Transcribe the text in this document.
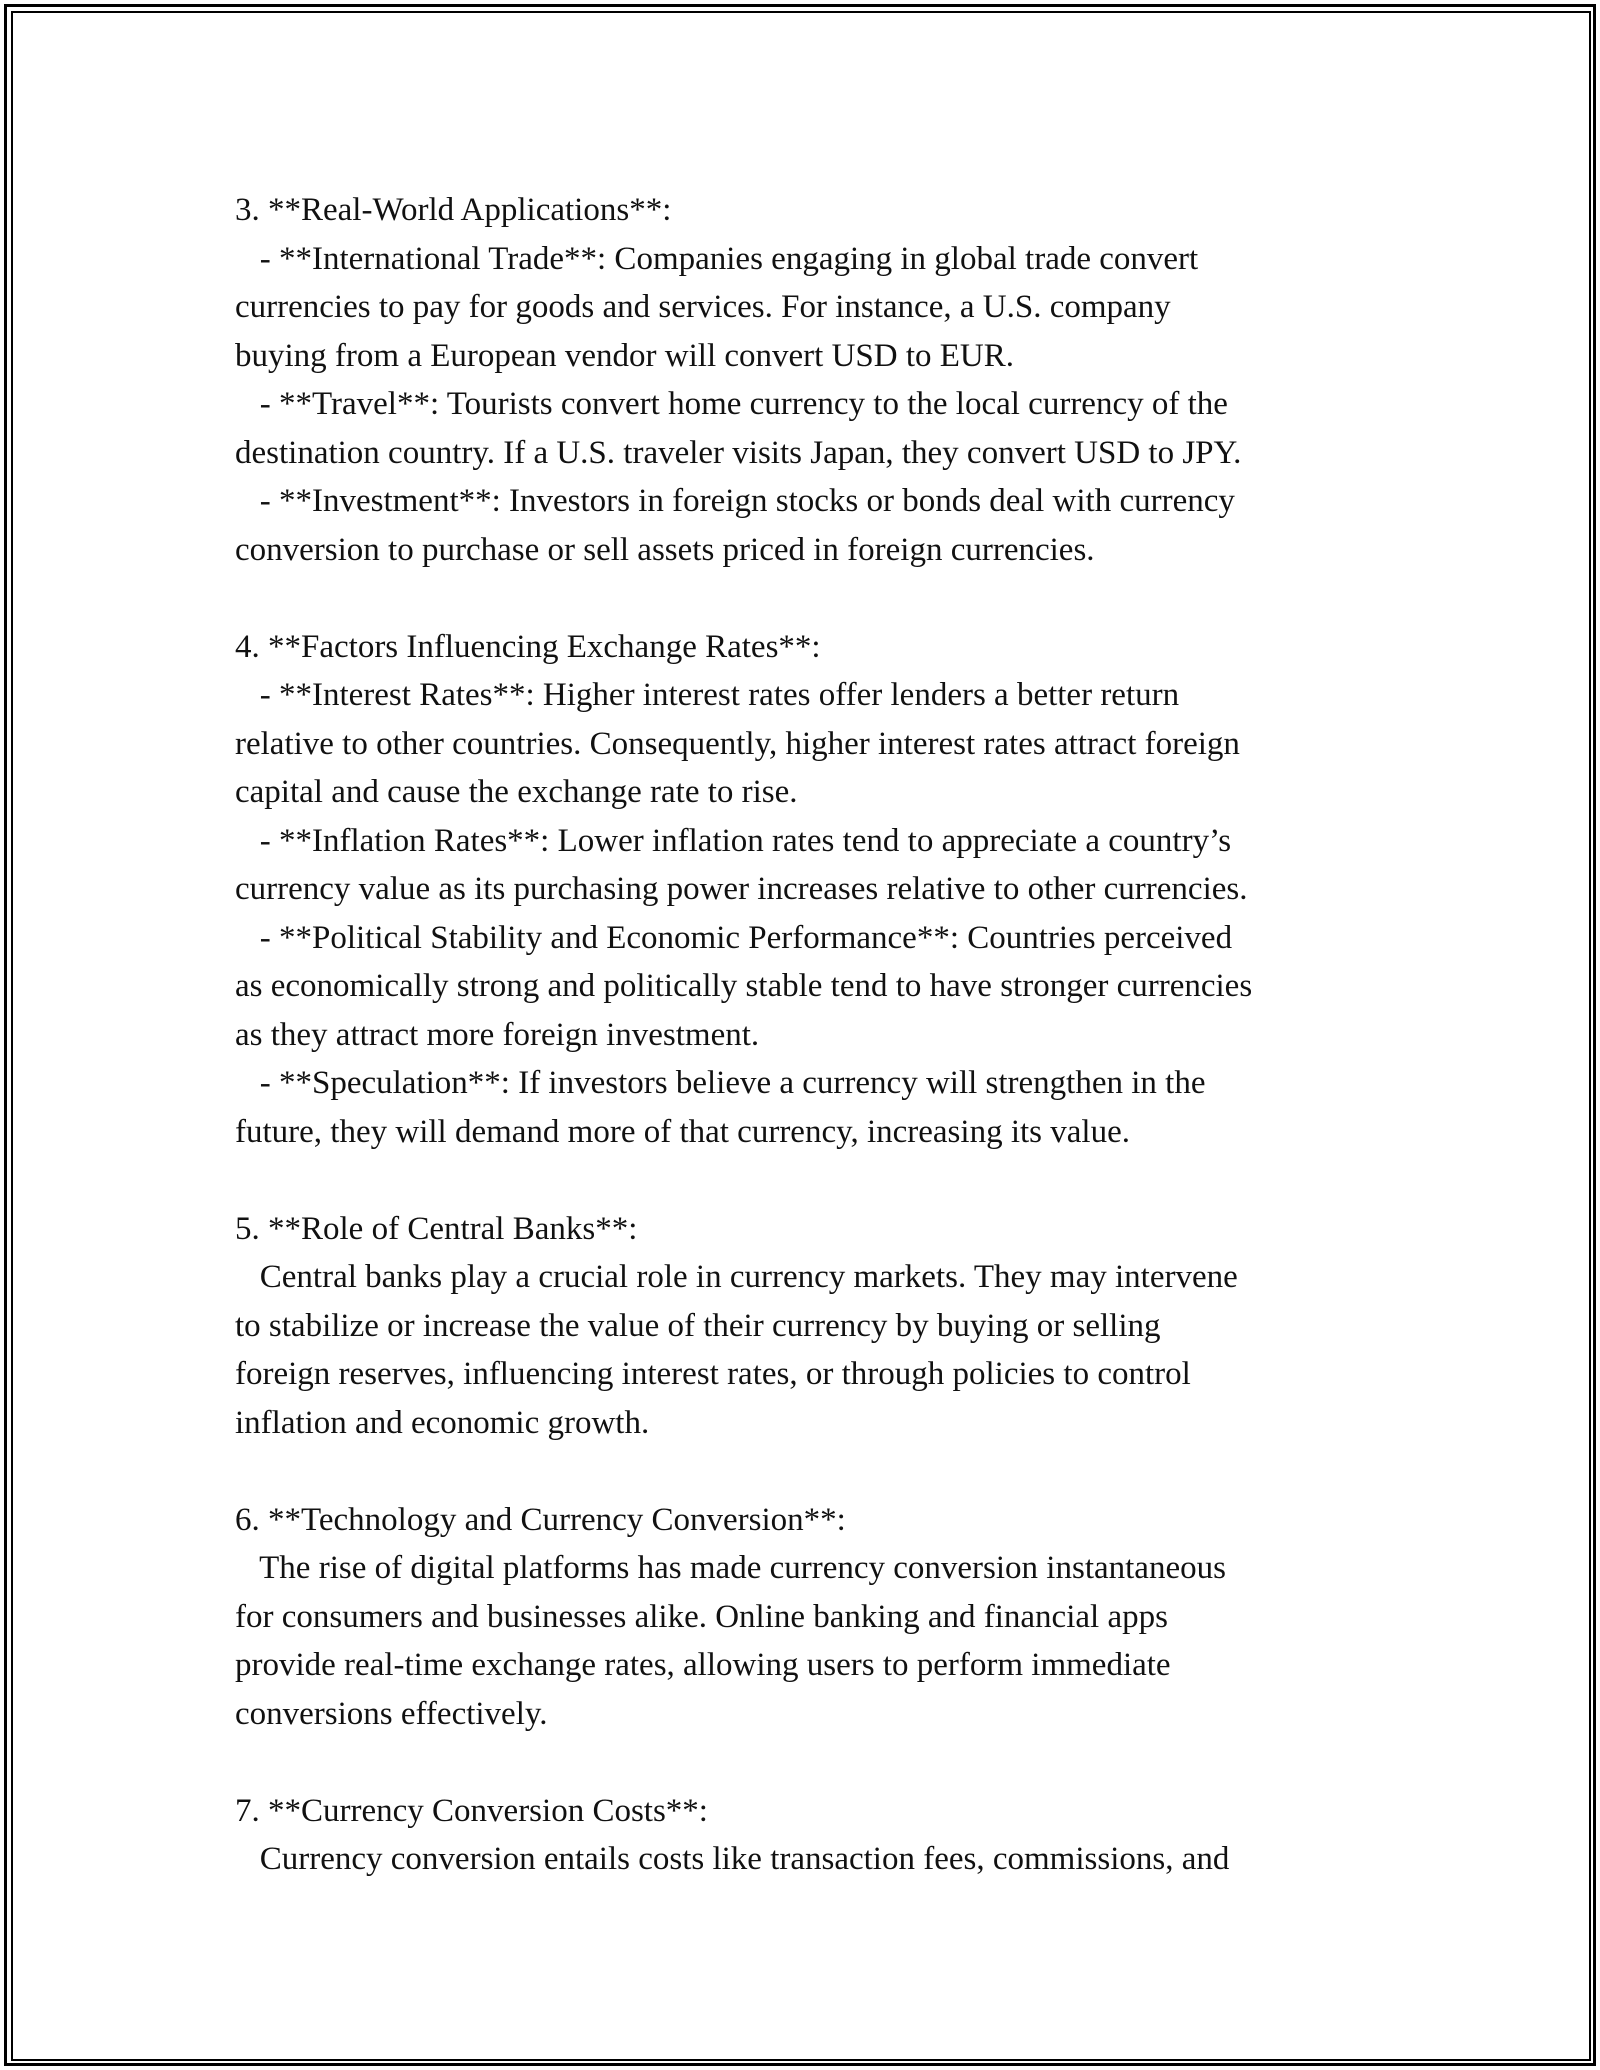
3. **Real-World Applications**:
- **International Trade**: Companies engaging in global trade convert
currencies to pay for goods and services. For instance, a U.S. company
buying from a European vendor will convert USD to EUR.
- **Travel**: Tourists convert home currency to the local currency of the
destination country. If a U.S. traveler visits Japan, they convert USD to JPY.
- **Investment**: Investors in foreign stocks or bonds deal with currency
conversion to purchase or sell assets priced in foreign currencies.
4. **Factors Influencing Exchange Rates**:
- **Interest Rates**: Higher interest rates offer lenders a better return
relative to other countries. Consequently, higher interest rates attract foreign
capital and cause the exchange rate to rise.
- **Inflation Rates**: Lower inflation rates tend to appreciate a country’s
currency value as its purchasing power increases relative to other currencies.
- **Political Stability and Economic Performance**: Countries perceived
as economically strong and politically stable tend to have stronger currencies
as they attract more foreign investment.
- **Speculation**: If investors believe a currency will strengthen in the
future, they will demand more of that currency, increasing its value.
5. **Role of Central Banks**:
Central banks play a crucial role in currency markets. They may intervene
to stabilize or increase the value of their currency by buying or selling
foreign reserves, influencing interest rates, or through policies to control
inflation and economic growth.
6. **Technology and Currency Conversion**:
The rise of digital platforms has made currency conversion instantaneous
for consumers and businesses alike. Online banking and financial apps
provide real-time exchange rates, allowing users to perform immediate
conversions effectively.
7. **Currency Conversion Costs**:
Currency conversion entails costs like transaction fees, commissions, and
